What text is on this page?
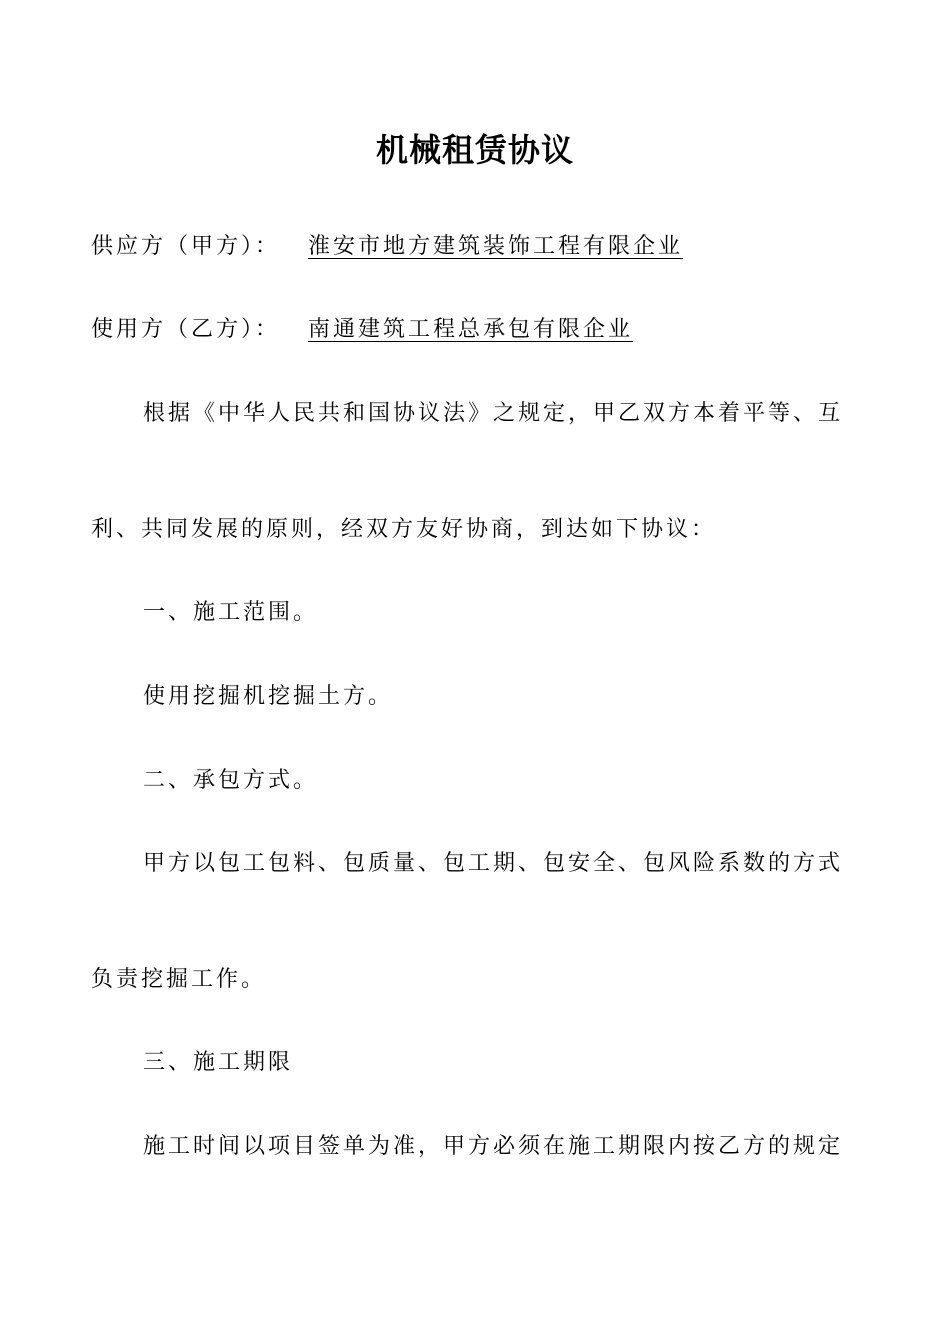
机械租赁协议
供应方（甲方）： 淮安市地方建筑装饰工程有限企业
使用方（乙方）： 南通建筑工程总承包有限企业
根据《中华人民共和国协议法》之规定，甲乙双方本着平等、互
利、共同发展的原则，经双方友好协商，到达如下协议：
一、施工范围。
使用挖掘机挖掘土方。
二、承包方式。
甲方以包工包料、包质量、包工期、包安全、包风险系数的方式
负责挖掘工作。
三、施工期限
施工时间以项目签单为准，甲方必须在施工期限内按乙方的规定
